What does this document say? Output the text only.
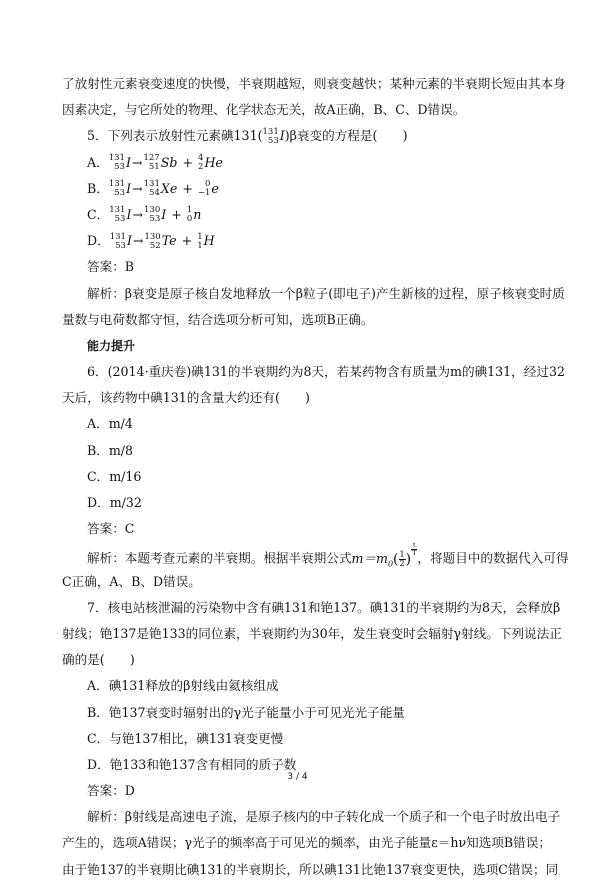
了放射性元素衰变速度的快慢，半衰期越短，则衰变越快；某种元素的半衰期长短由其本身
因素决定，与它所处的物理、化学状态无关，故A正确，B、C、D错误。
5．下列表示放射性元素碘131( 131
53 I)β衰变的方程是(　　)
A． 131
53 I→ 127
51 Sb + 4
2 He
B． 131
53 I→ 131
54 Xe +	0
−1 e
C． 131
53 I→ 130
53 I + 1
0 n
D． 131
53 I→ 130
52 Te + 1
1 H
答案：B
解析：β衰变是原子核自发地释放一个β粒子(即电子)产生新核的过程，原子核衰变时质
量数与电荷数都守恒，结合选项分析可知，选项B正确。
能力提升
6．(2014·重庆卷)碘131的半衰期约为8天，若某药物含有质量为m的碘131，经过32
天后，该药物中碘131的含量大约还有(　　)
A．m/4
B．m/8
C．m/16
D．m/32
答案：C
解析：本题考查元素的半衰期。根据半衰期公式$m=m_0( \frac{1}{2}$ )
$\frac{t}{T}$
，将题目中的数据代入可得
C正确，A、B、D错误。
7．核电站核泄漏的污染物中含有碘131和铯137。碘131的半衰期约为8天，会释放β
射线；铯137是铯133的同位素，半衰期约为30年，发生衰变时会辐射γ射线。下列说法正
确的是(　　)
A．碘131释放的β射线由氦核组成
B．铯137衰变时辐射出的γ光子能量小于可见光光子能量
C．与铯137相比，碘131衰变更慢
D．铯133和铯137含有相同的质子数
答案：D
解析：β射线是高速电子流，是原子核内的中子转化成一个质子和一个电子时放出电子
产生的，选项A错误；γ光子的频率高于可见光的频率，由光子能量ε＝hν知选项B错误；
由于铯137的半衰期比碘131的半衰期长，所以碘131比铯137衰变更快，选项C错误；同
3 / 4
